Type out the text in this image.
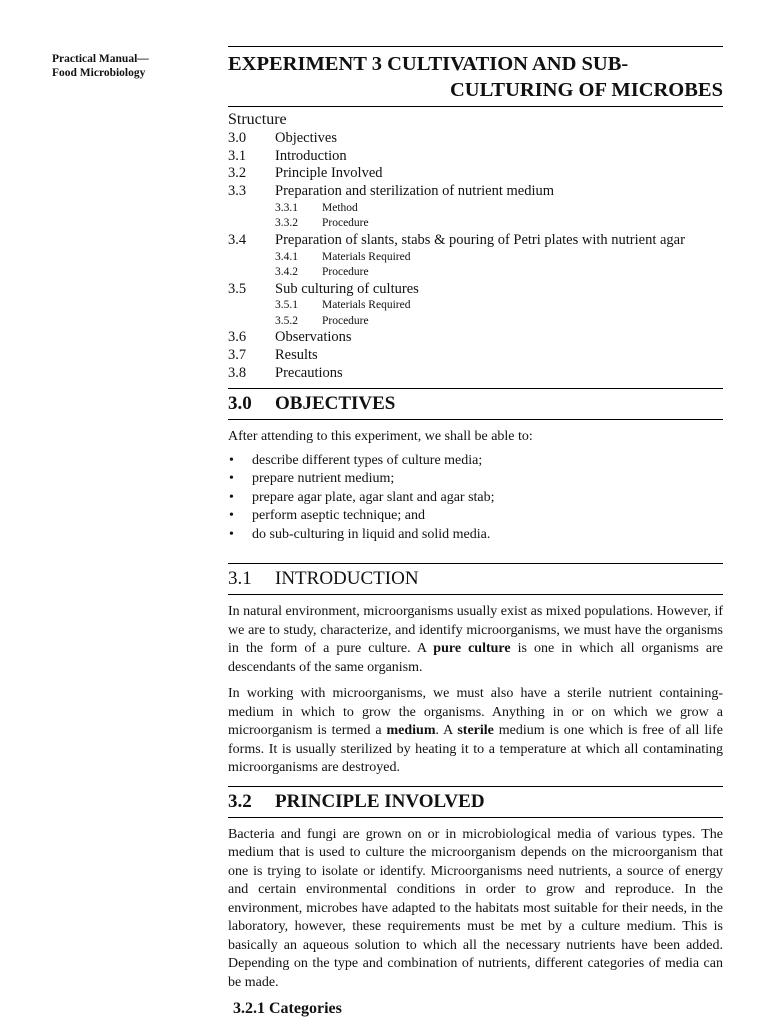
Practical Manual—
Food Microbiology	EXPERIMENT 3 CULTIVATION AND SUB-
CULTURING OF MICROBES
Structure
3.0	Objectives
3.1	Introduction
3.2	Principle Involved
3.3	Preparation and sterilization of nutrient medium
3.3.1	Method
3.3.2	Procedure
3.4	Preparation of slants, stabs & pouring of Petri plates with nutrient agar
3.4.1	Materials Required
3.4.2	Procedure
3.5	Sub culturing of cultures
3.5.1	Materials Required
3.5.2	Procedure
3.6	Observations
3.7	Results
3.8	Precautions
3.0	OBJECTIVES

After attending to this experiment, we shall be able to:

•	describe different types of culture media;
•	prepare nutrient medium;
•	prepare agar plate, agar slant and agar stab;
•	perform aseptic technique; and
•	do sub-culturing in liquid and solid media.
3.1	INTRODUCTION

In natural environment, microorganisms usually exist as mixed populations. However, if we are to study, characterize, and identify microorganisms, we must have the organisms in the form of a pure culture. A pure culture is one in which all organisms are descendants of the same organism.

In working with microorganisms, we must also have a sterile nutrient containing-medium in which to grow the organisms. Anything in or on which we grow a microorganism is termed a medium. A sterile medium is one which is free of all life forms. It is usually sterilized by heating it to a temperature at which all contaminating microorganisms are destroyed.

3.2	PRINCIPLE INVOLVED

Bacteria and fungi are grown on or in microbiological media of various types. The medium that is used to culture the microorganism depends on the microorganism that one is trying to isolate or identify. Microorganisms need nutrients, a source of energy and certain environmental conditions in order to grow and reproduce. In the environment, microbes have adapted to the habitats most suitable for their needs, in the laboratory, however, these requirements must be met by a culture medium. This is basically an aqueous solution to which all the necessary nutrients have been added. Depending on the type and combination of nutrients, different categories of media can be made.

3.2.1 Categories
